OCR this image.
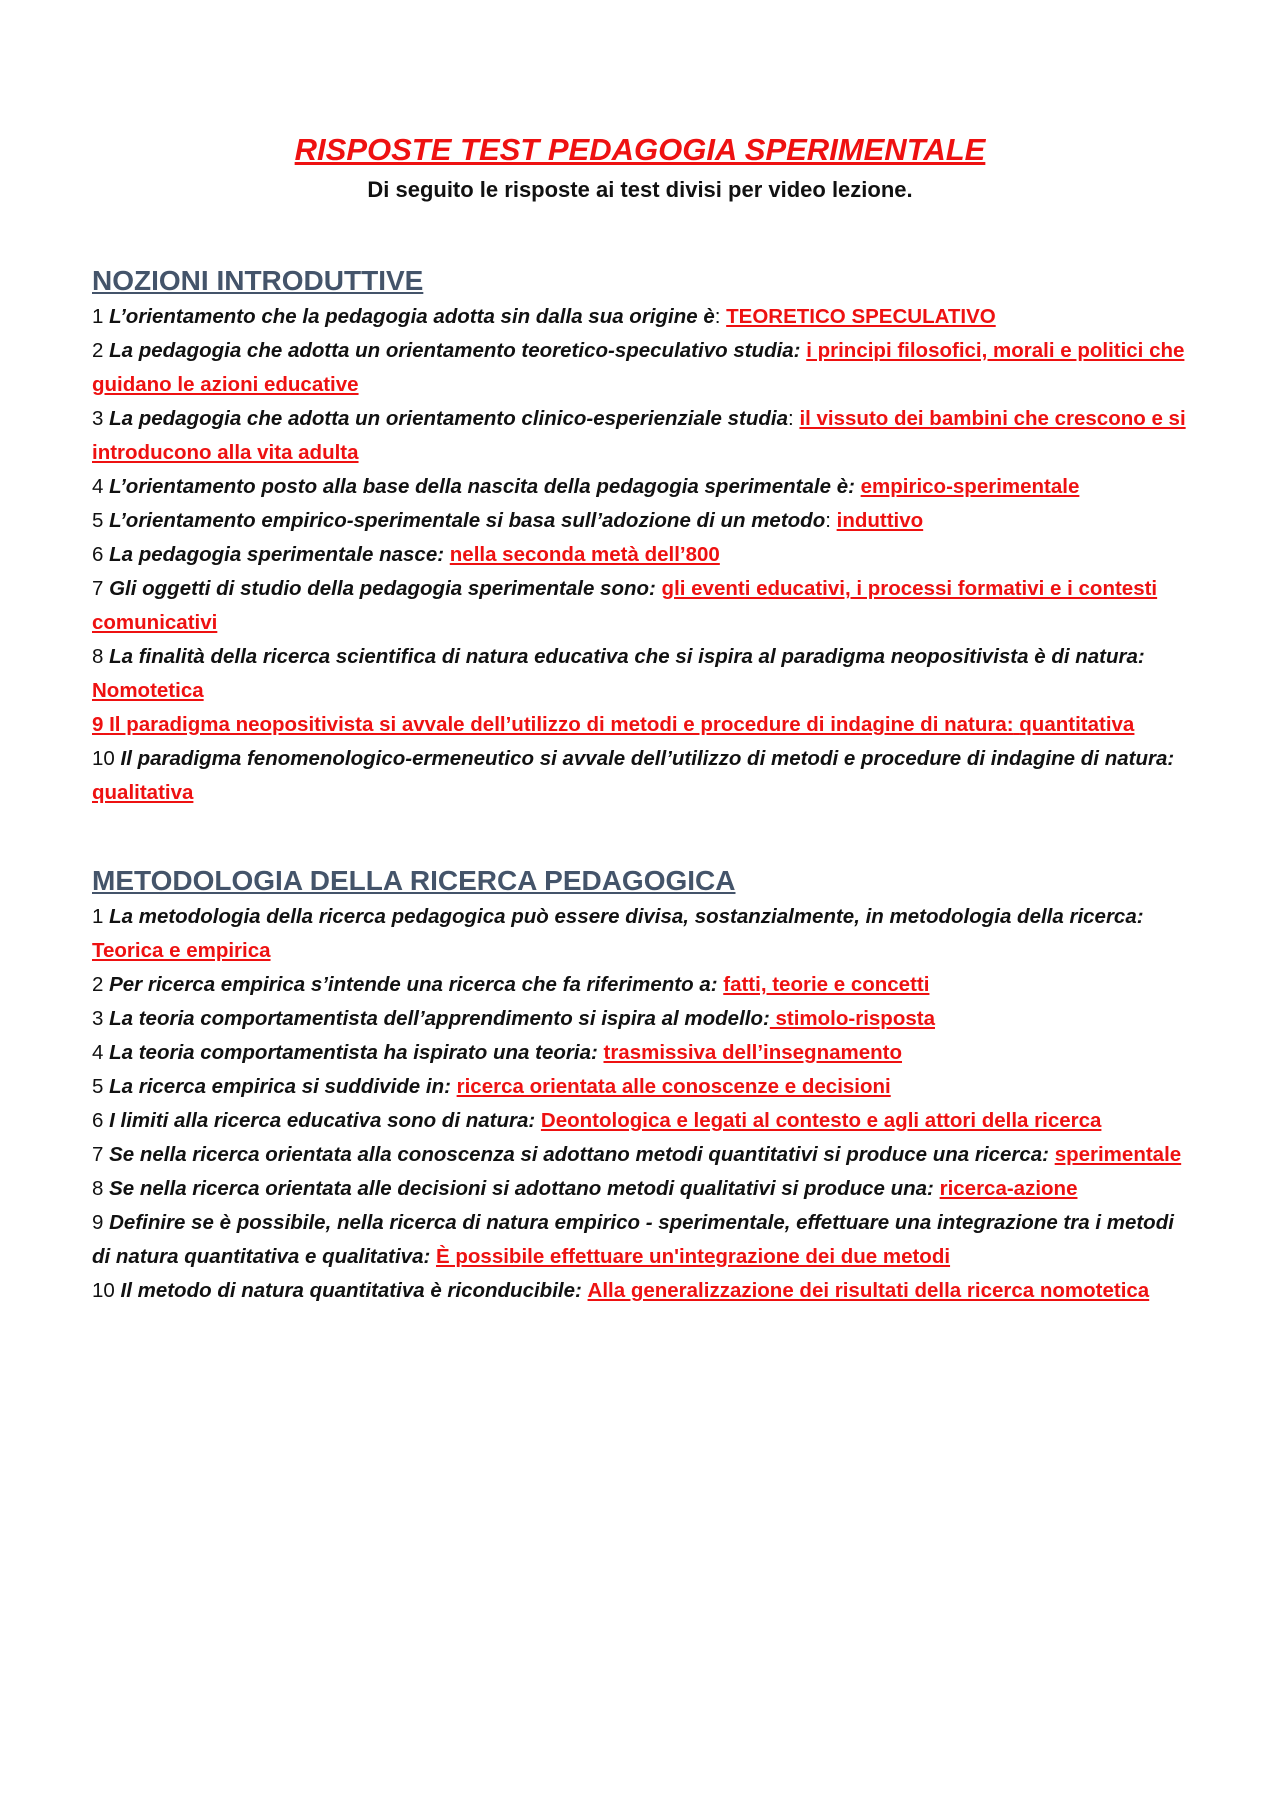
RISPOSTE TEST PEDAGOGIA SPERIMENTALE

Di seguito le risposte ai test divisi per video lezione.

NOZIONI INTRODUTTIVE

1 L’orientamento che la pedagogia adotta sin dalla sua origine è: TEORETICO SPECULATIVO

2 La pedagogia che adotta un orientamento teoretico-speculativo studia: i principi filosofici, morali e politici che guidano le azioni educative

3 La pedagogia che adotta un orientamento clinico-esperienziale studia: il vissuto dei bambini che crescono e si introducono alla vita adulta

4 L’orientamento posto alla base della nascita della pedagogia sperimentale è: empirico-sperimentale

5 L’orientamento empirico-sperimentale si basa sull’adozione di un metodo: induttivo

6 La pedagogia sperimentale nasce: nella seconda metà dell’800

7 Gli oggetti di studio della pedagogia sperimentale sono: gli eventi educativi, i processi formativi e i contesti comunicativi

8 La finalità della ricerca scientifica di natura educativa che si ispira al paradigma neopositivista è di natura: Nomotetica

9 Il paradigma neopositivista si avvale dell’utilizzo di metodi e procedure di indagine di natura: quantitativa

10 Il paradigma fenomenologico-ermeneutico si avvale dell’utilizzo di metodi e procedure di indagine di natura: qualitativa

METODOLOGIA DELLA RICERCA PEDAGOGICA

1 La metodologia della ricerca pedagogica può essere divisa, sostanzialmente, in metodologia della ricerca: Teorica e empirica

2 Per ricerca empirica s’intende una ricerca che fa riferimento a: fatti, teorie e concetti

3 La teoria comportamentista dell’apprendimento si ispira al modello: stimolo-risposta

4 La teoria comportamentista ha ispirato una teoria: trasmissiva dell’insegnamento

5 La ricerca empirica si suddivide in: ricerca orientata alle conoscenze e decisioni

6 I limiti alla ricerca educativa sono di natura: Deontologica e legati al contesto e agli attori della ricerca

7 Se nella ricerca orientata alla conoscenza si adottano metodi quantitativi si produce una ricerca: sperimentale

8 Se nella ricerca orientata alle decisioni si adottano metodi qualitativi si produce una: ricerca-azione

9 Definire se è possibile, nella ricerca di natura empirico - sperimentale, effettuare una integrazione tra i metodi di natura quantitativa e qualitativa: È possibile effettuare un'integrazione dei due metodi

10 Il metodo di natura quantitativa è riconducibile: Alla generalizzazione dei risultati della ricerca nomotetica
